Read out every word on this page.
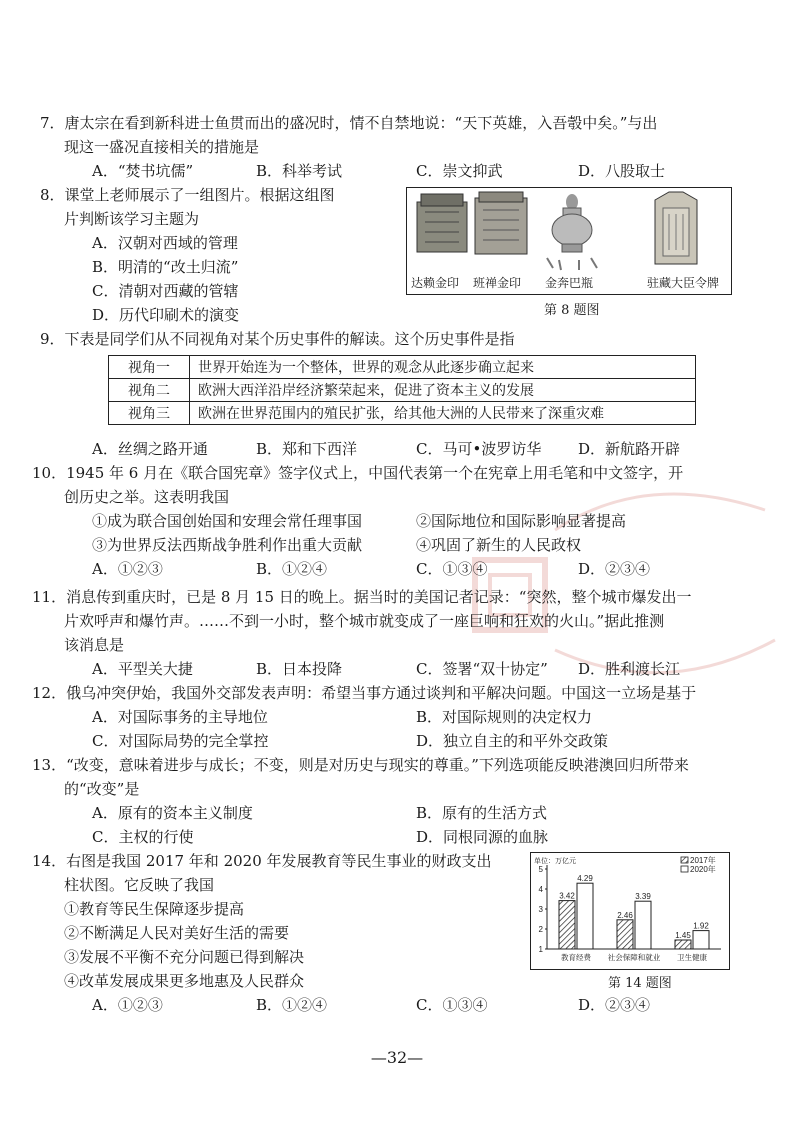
7．唐太宗在看到新科进士鱼贯而出的盛况时，情不自禁地说：“天下英雄，入吾彀中矣。”与出
现这一盛况直接相关的措施是
A．“焚书坑儒”	B．科举考试	C．崇文抑武	D．八股取士
8．课堂上老师展示了一组图片。根据这组图
片判断该学习主题为
A．汉朝对西域的管理
B．明清的“改土归流”
C．清朝对西藏的管辖
D．历代印刷术的演变
达赖金印 班禅金印 金奔巴瓶	驻藏大臣令牌
第 8 题图
9．下表是同学们从不同视角对某个历史事件的解读。这个历史事件是指
视角一	世界开始连为一个整体，世界的观念从此逐步确立起来
视角二	欧洲大西洋沿岸经济繁荣起来，促进了资本主义的发展
视角三	欧洲在世界范围内的殖民扩张，给其他大洲的人民带来了深重灾难
A．丝绸之路开通	B．郑和下西洋	C．马可•波罗访华 D．新航路开辟
10．1945 年 6 月在《联合国宪章》签字仪式上，中国代表第一个在宪章上用毛笔和中文签字，开
创历史之举。这表明我国
①成为联合国创始国和安理会常任理事国	②国际地位和国际影响显著提高
③为世界反法西斯战争胜利作出重大贡献	④巩固了新生的人民政权
A．①②③	B．①②④	C．①③④	D．②③④
11．消息传到重庆时，已是 8 月 15 日的晚上。据当时的美国记者记录：“突然，整个城市爆发出一
片欢呼声和爆竹声。……不到一小时，整个城市就变成了一座巨响和狂欢的火山。”据此推测
该消息是
A．平型关大捷	B．日本投降	C．签署“双十协定” D．胜利渡长江
12．俄乌冲突伊始，我国外交部发表声明：希望当事方通过谈判和平解决问题。中国这一立场是基于
A．对国际事务的主导地位	B．对国际规则的决定权力
C．对国际局势的完全掌控	D．独立自主的和平外交政策
13．“改变，意味着进步与成长；不变，则是对历史与现实的尊重。”下列选项能反映港澳回归所带来
的“改变”是
A．原有的资本主义制度	B．原有的生活方式
C．主权的行使	D．同根同源的血脉
14．右图是我国 2017 年和 2020 年发展教育等民生事业的财政支出
柱状图。它反映了我国
①教育等民生保障逐步提高
②不断满足人民对美好生活的需要
③发展不平衡不充分问题已得到解决
④改革发展成果更多地惠及人民群众
A．①②③	B．①②④	C．①③④	D．②③④
单位：万亿元
1
2
3
4
5
2017年
2020年
3.42
4.29
教育经费
2.46
3.39
社会保障和就业
1.45
1.92
卫生健康
第 14 题图
—32—
